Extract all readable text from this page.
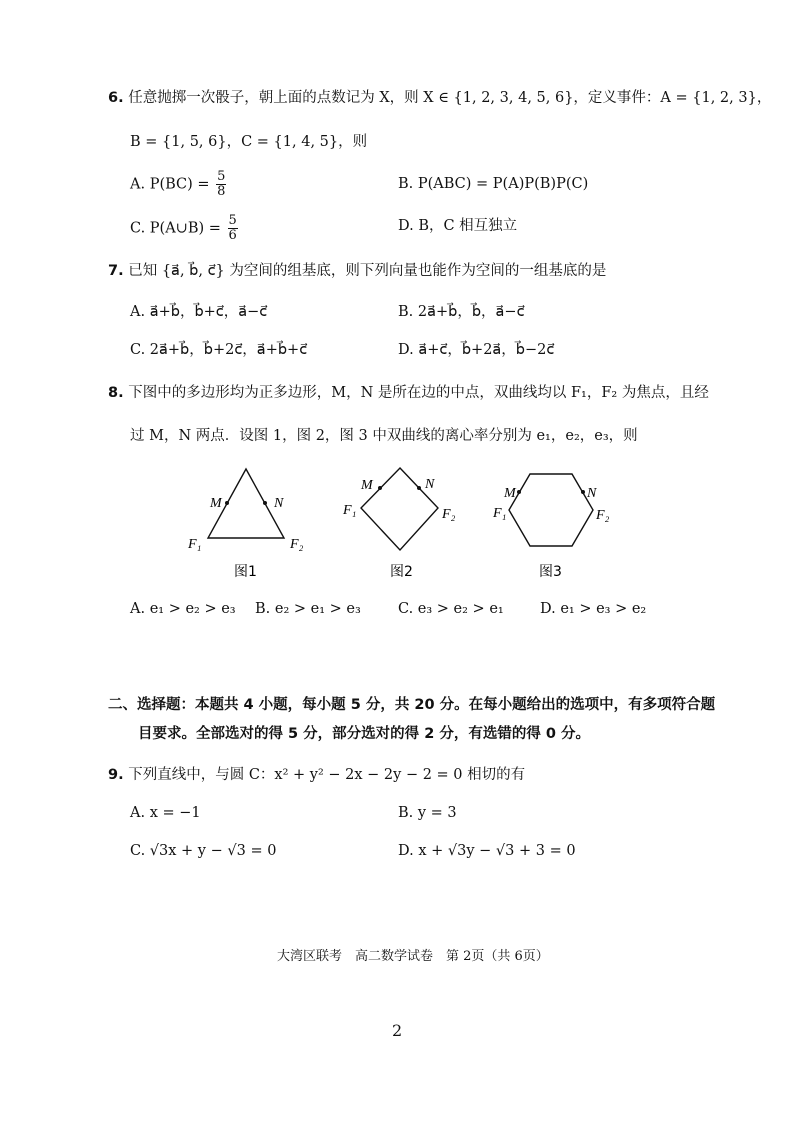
6. 任意抛掷一次骰子，朝上面的点数记为 X，则 X ∈ {1, 2, 3, 4, 5, 6}，定义事件：A = {1, 2, 3}，
B = {1, 5, 6}，C = {1, 4, 5}，则
A. $P(BC) = \frac{5}{8}$	B. P(ABC) = P(A)P(B)P(C)
C. P(A∪B) = $\frac{5}{6}$	D. B，C 相互独立
7. 已知 {a⃗, b⃗, c⃗} 为空间的组基底，则下列向量也能作为空间的一组基底的是
A. a⃗+b⃗，b⃗+c⃗，a⃗−c⃗	B. 2a⃗+b⃗，b⃗，a⃗−c⃗
C. 2a⃗+b⃗，b⃗+2c⃗，a⃗+b⃗+c⃗	D. a⃗+c⃗，b⃗+2a⃗，b⃗−2c⃗
8. 下图中的多边形均为正多边形，M，N 是所在边的中点，双曲线均以 F₁，F₂ 为焦点，且经
过 M，N 两点．设图 1，图 2，图 3 中双曲线的离心率分别为 e₁，e₂，e₃，则
M	N
F₁	F₂
M	N
F₁	F₂
M	N
F₁	F₂
图1	图2	图3
A. e₁ > e₂ > e₃ B. e₂ > e₁ > e₃	C. e₃ > e₂ > e₁	D. e₁ > e₃ > e₂
二、选择题：本题共 4 小题，每小题 5 分，共 20 分。在每小题给出的选项中，有多项符合题
目要求。全部选对的得 5 分，部分选对的得 2 分，有选错的得 0 分。
9. 下列直线中，与圆 C：x² + y² − 2x − 2y − 2 = 0 相切的有
A. x = −1	B. y = 3
C. √3x + y − √3 = 0	D. x + √3y − √3 + 3 = 0
大湾区联考　高二数学试卷　第 2页（共 6页）
2
